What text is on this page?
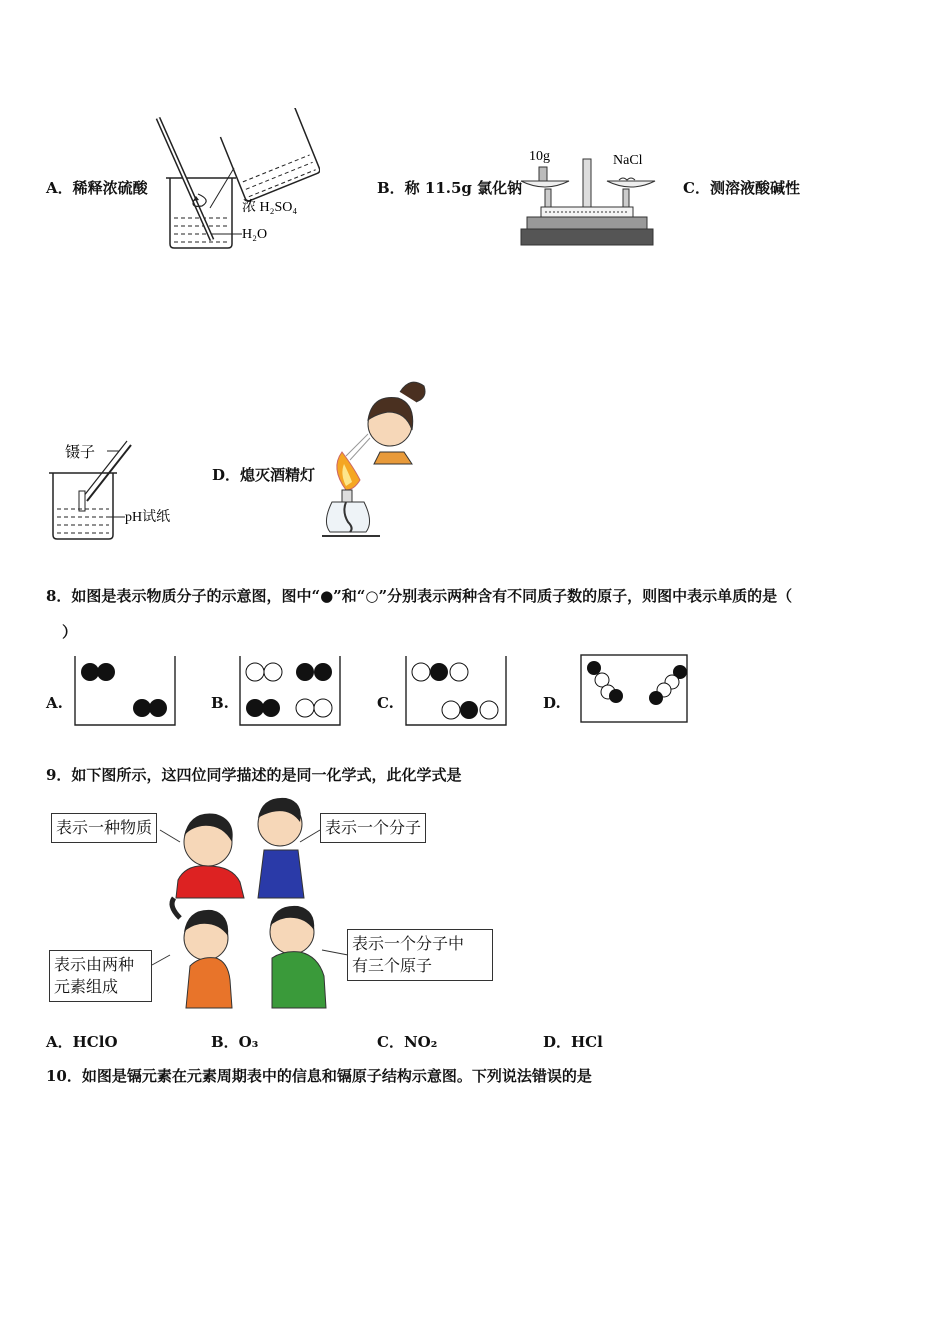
A．稀释浓硫酸
浓 H₂SO₄
H₂O
B．称 11.5g 氯化钠
10g	NaCl
C．测溶液酸碱性
镊子
pH试纸
D．熄灭酒精灯
8．如图是表示物质分子的示意图，图中“●”和“○”分别表示两种含有不同质子数的原子，则图中表示单质的是（
）
A.	B.	C.	D.
9．如下图所示，这四位同学描述的是同一化学式，此化学式是
表示一种物质	表示一个分子
表示由两种
元素组成
表示一个分子中
有三个原子
A．HClO	B．O₃	C．NO₂	D．HCl
10．如图是镉元素在元素周期表中的信息和镉原子结构示意图。下列说法错误的是
